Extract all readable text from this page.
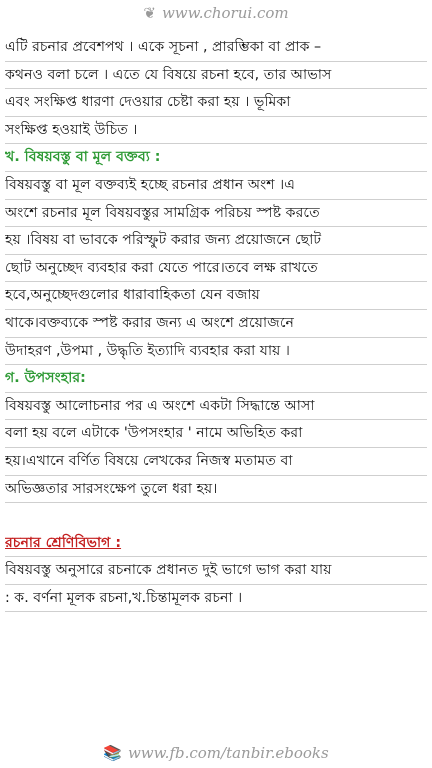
❦ www.chorui.com
এটি রচনার প্রবেশপথ । একে সূচনা , প্রারম্ভিকা বা প্রাক –
কথনও বলা চলে । এতে যে বিষয়ে রচনা হবে, তার আভাস
এবং সংক্ষিপ্ত ধারণা দেওয়ার চেষ্টা করা হয় । ভূমিকা
সংক্ষিপ্ত হওয়াই উচিত ।
খ. বিষয়বস্তু বা মূল বক্তব্য :
বিষয়বস্তু বা মূল বক্তব্যই হচ্ছে রচনার প্রধান অংশ ।এ
অংশে রচনার মূল বিষয়বস্তুর সামগ্রিক পরিচয় স্পষ্ট করতে
হয় ।বিষয় বা ভাবকে পরিস্ফুট করার জন্য প্রয়োজনে ছোট
ছোট অনুচ্ছেদ ব্যবহার করা যেতে পারে।তবে লক্ষ রাখতে
হবে,অনুচ্ছেদগুলোর ধারাবাহিকতা যেন বজায়
থাকে।বক্তব্যকে স্পষ্ট করার জন্য এ অংশে প্রয়োজনে
উদাহরণ ,উপমা , উদ্ধৃতি ইত্যাদি ব্যবহার করা যায় ।
গ. উপসংহার:
বিষয়বস্তু আলোচনার পর এ অংশে একটা সিদ্ধান্তে আসা
বলা হয় বলে এটাকে 'উপসংহার ' নামে অভিহিত করা
হয়।এখানে বর্ণিত বিষয়ে লেখকের নিজস্ব মতামত বা
অভিজ্ঞতার সারসংক্ষেপ তুলে ধরা হয়।
রচনার শ্রেণিবিভাগ :
বিষয়বস্তু অনুসারে রচনাকে প্রধানত দুই ভাগে ভাগ করা যায়
: ক. বর্ণনা মূলক রচনা,খ.চিন্তামূলক রচনা ।
📚 www.fb.com/tanbir.ebooks
